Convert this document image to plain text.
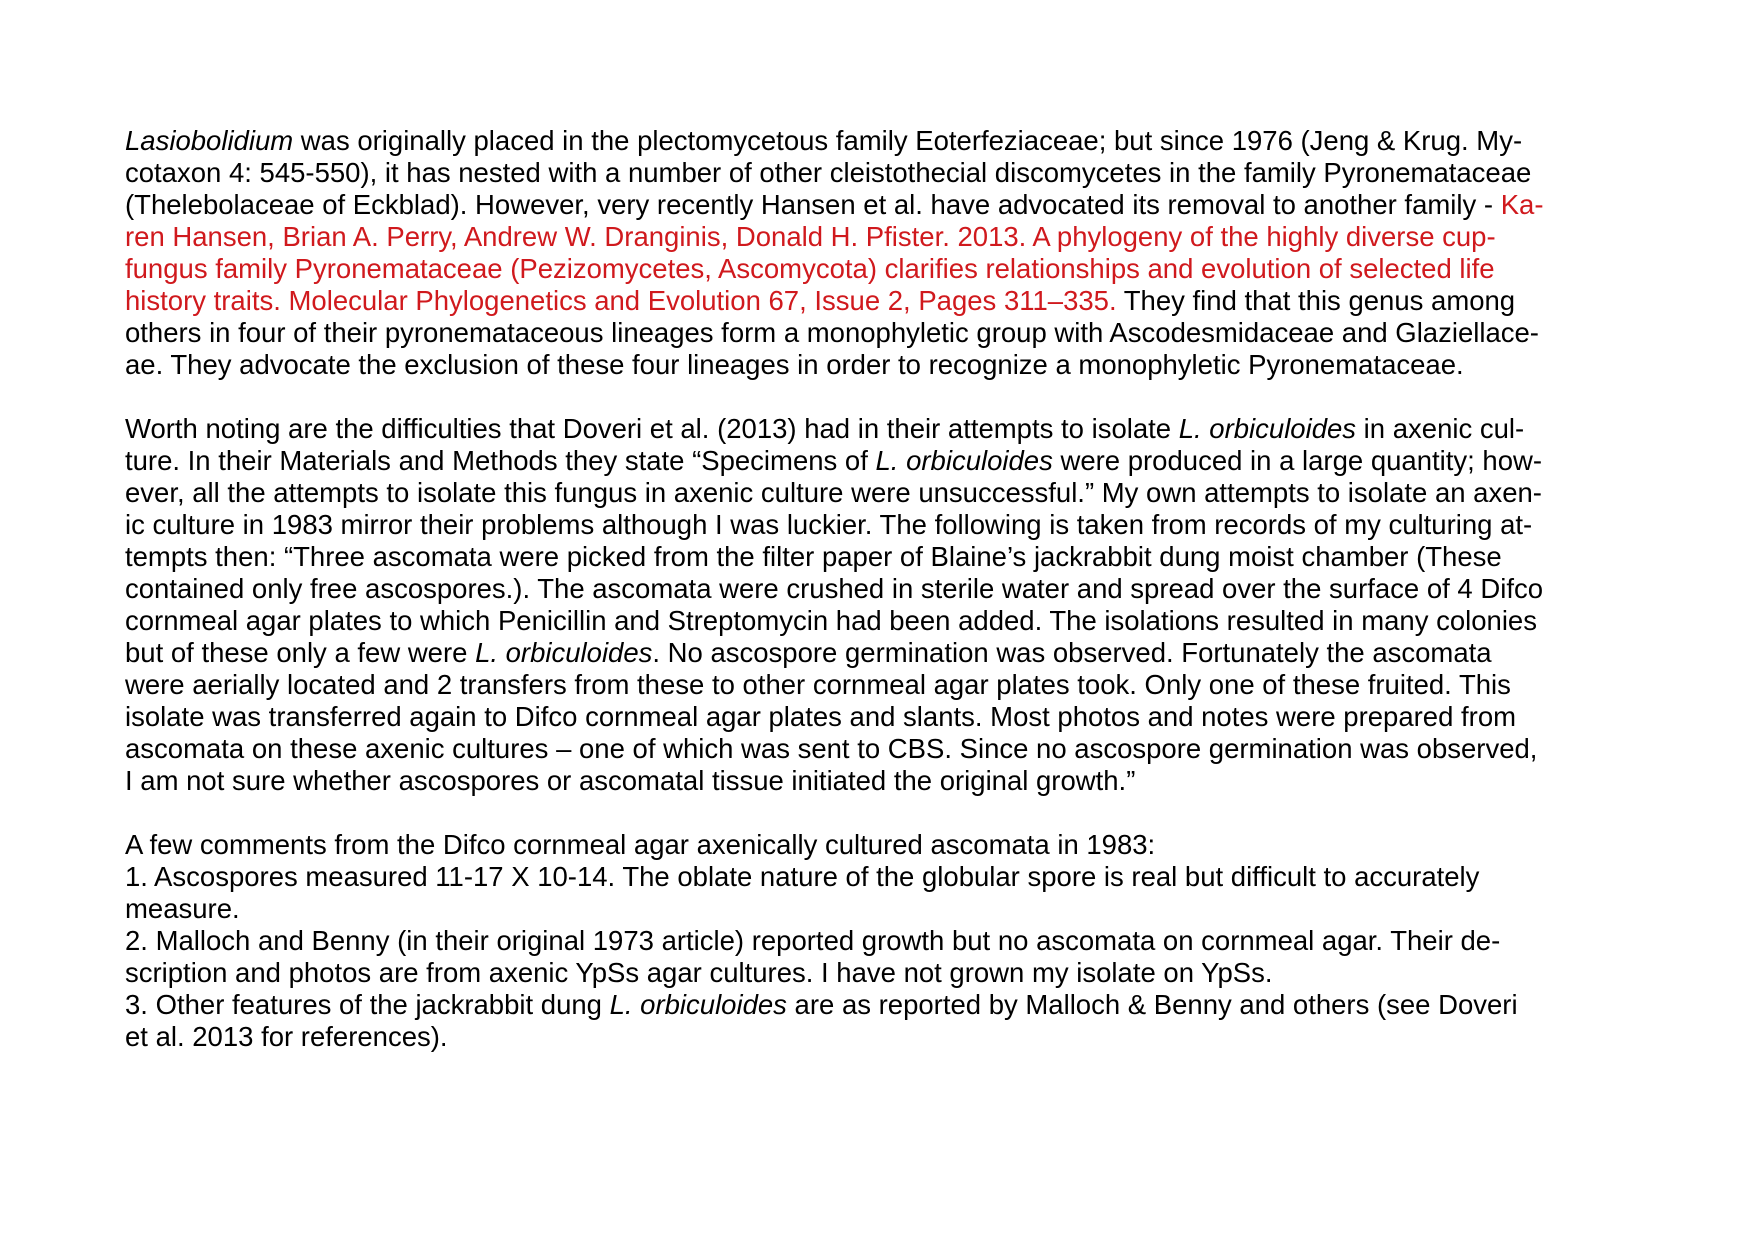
Lasiobolidium was originally placed in the plectomycetous family Eoterfeziaceae; but since 1976 (Jeng & Krug. My-

cotaxon 4: 545-550), it has nested with a number of other cleistothecial discomycetes in the family Pyronemataceae

(Thelebolaceae of Eckblad). However, very recently Hansen et al. have advocated its removal to another family - Ka-

ren Hansen, Brian A. Perry, Andrew W. Dranginis, Donald H. Pfister. 2013. A phylogeny of the highly diverse cup-

fungus family Pyronemataceae (Pezizomycetes, Ascomycota) clarifies relationships and evolution of selected life

history traits. Molecular Phylogenetics and Evolution 67, Issue 2, Pages 311–335. They find that this genus among

others in four of their pyronemataceous lineages form a monophyletic group with Ascodesmidaceae and Glaziellace-

ae. They advocate the exclusion of these four lineages in order to recognize a monophyletic Pyronemataceae.

Worth noting are the difficulties that Doveri et al. (2013) had in their attempts to isolate L. orbiculoides in axenic cul-

ture. In their Materials and Methods they state “Specimens of L. orbiculoides were produced in a large quantity; how-

ever, all the attempts to isolate this fungus in axenic culture were unsuccessful.” My own attempts to isolate an axen-

ic culture in 1983 mirror their problems although I was luckier. The following is taken from records of my culturing at-

tempts then: “Three ascomata were picked from the filter paper of Blaine’s jackrabbit dung moist chamber (These

contained only free ascospores.). The ascomata were crushed in sterile water and spread over the surface of 4 Difco

cornmeal agar plates to which Penicillin and Streptomycin had been added. The isolations resulted in many colonies

but of these only a few were L. orbiculoides. No ascospore germination was observed. Fortunately the ascomata

were aerially located and 2 transfers from these to other cornmeal agar plates took. Only one of these fruited. This

isolate was transferred again to Difco cornmeal agar plates and slants. Most photos and notes were prepared from

ascomata on these axenic cultures – one of which was sent to CBS. Since no ascospore germination was observed,

I am not sure whether ascospores or ascomatal tissue initiated the original growth.”

A few comments from the Difco cornmeal agar axenically cultured ascomata in 1983:

1. Ascospores measured 11-17 X 10-14. The oblate nature of the globular spore is real but difficult to accurately

measure.

2. Malloch and Benny (in their original 1973 article) reported growth but no ascomata on cornmeal agar. Their de-

scription and photos are from axenic YpSs agar cultures. I have not grown my isolate on YpSs.

3. Other features of the jackrabbit dung L. orbiculoides are as reported by Malloch & Benny and others (see Doveri

et al. 2013 for references).
